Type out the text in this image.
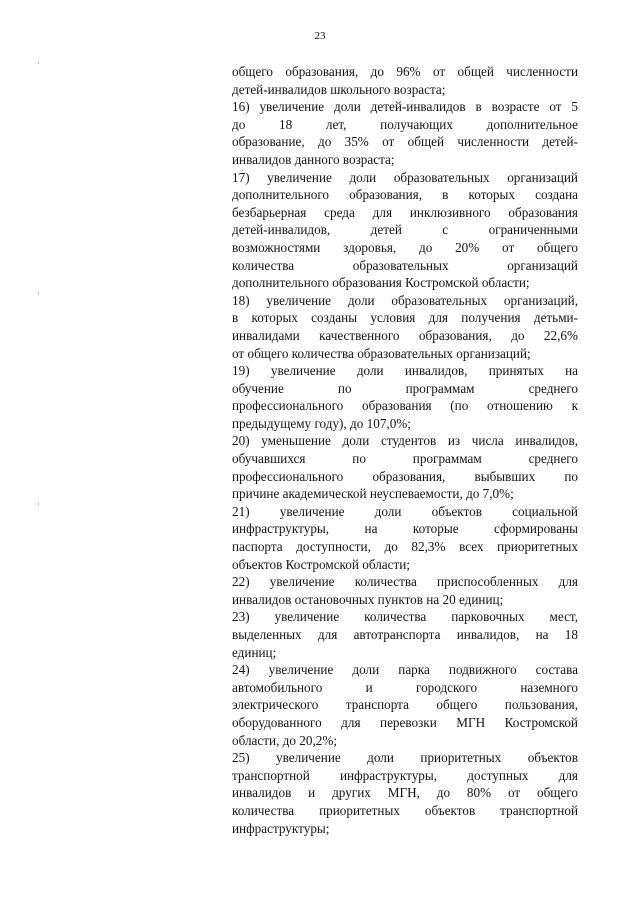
23
общего образования, до 96% от общей численности
детей-инвалидов школьного возраста;
16) увеличение доли детей-инвалидов в возрасте от 5
до 18 лет, получающих дополнительное
образование, до 35% от общей численности детей-
инвалидов данного возраста;
17) увеличение доли образовательных организаций
дополнительного образования, в которых создана
безбарьерная среда для инклюзивного образования
детей-инвалидов, детей с ограниченными
возможностями здоровья, до 20% от общего
количества образовательных организаций
дополнительного образования Костромской области;
18) увеличение доли образовательных организаций,
в которых созданы условия для получения детьми-
инвалидами качественного образования, до 22,6%
от общего количества образовательных организаций;
19) увеличение доли инвалидов, принятых на
обучение по программам среднего
профессионального образования (по отношению к
предыдущему году), до 107,0%;
20) уменьшение доли студентов из числа инвалидов,
обучавшихся по программам среднего
профессионального образования, выбывших по
причине академической неуспеваемости, до 7,0%;
21) увеличение доли объектов социальной
инфраструктуры, на которые сформированы
паспорта доступности, до 82,3% всех приоритетных
объектов Костромской области;
22) увеличение количества приспособленных для
инвалидов остановочных пунктов на 20 единиц;
23) увеличение количества парковочных мест,
выделенных для автотранспорта инвалидов, на 18
единиц;
24) увеличение доли парка подвижного состава
автомобильного и городского наземного
электрического транспорта общего пользования,
оборудованного для перевозки МГН Костромской
области, до 20,2%;
25) увеличение доли приоритетных объектов
транспортной инфраструктуры, доступных для
инвалидов и других МГН, до 80% от общего
количества приоритетных объектов транспортной
инфраструктуры;
